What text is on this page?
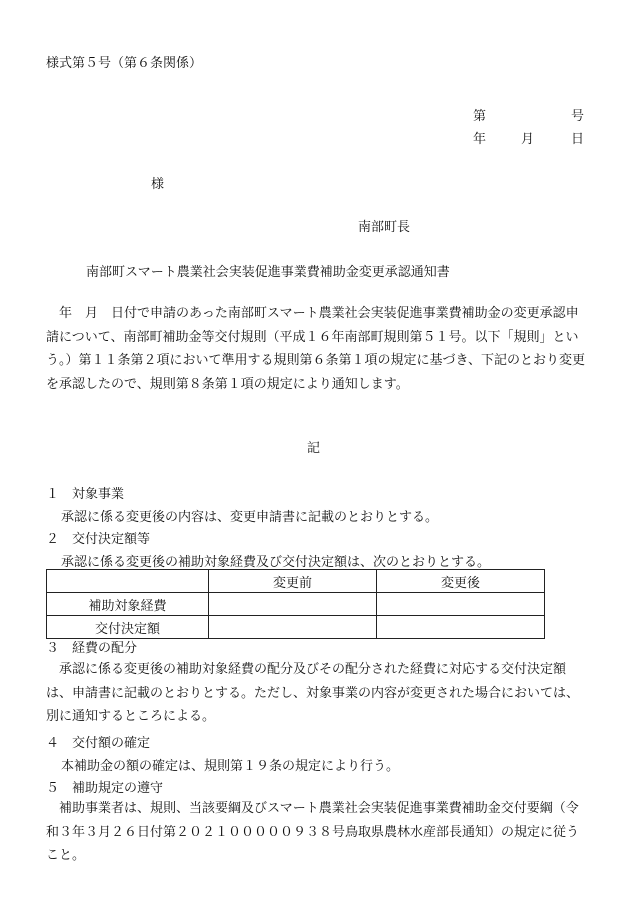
様式第５号（第６条関係）
第	号
年	月	日
様
南部町長
南部町スマート農業社会実装促進事業費補助金変更承認通知書
　年　月　日付で申請のあった南部町スマート農業社会実装促進事業費補助金の変更承認申請について、南部町補助金等交付規則（平成１６年南部町規則第５１号。以下「規則」という。）第１１条第２項において準用する規則第６条第１項の規定に基づき、下記のとおり変更を承認したので、規則第８条第１項の規定により通知します。
記
１　対象事業
承認に係る変更後の内容は、変更申請書に記載のとおりとする。
２　交付決定額等
承認に係る変更後の補助対象経費及び交付決定額は、次のとおりとする。
	変更前	変更後
補助対象経費		
交付決定額		
３　経費の配分
　承認に係る変更後の補助対象経費の配分及びその配分された経費に対応する交付決定額は、申請書に記載のとおりとする。ただし、対象事業の内容が変更された場合においては、別に通知するところによる。
４　交付額の確定
本補助金の額の確定は、規則第１９条の規定により行う。
５　補助規定の遵守
　補助事業者は、規則、当該要綱及びスマート農業社会実装促進事業費補助金交付要綱（令和３年３月２６日付第２０２１０００００９３８号鳥取県農林水産部長通知）の規定に従うこと。
